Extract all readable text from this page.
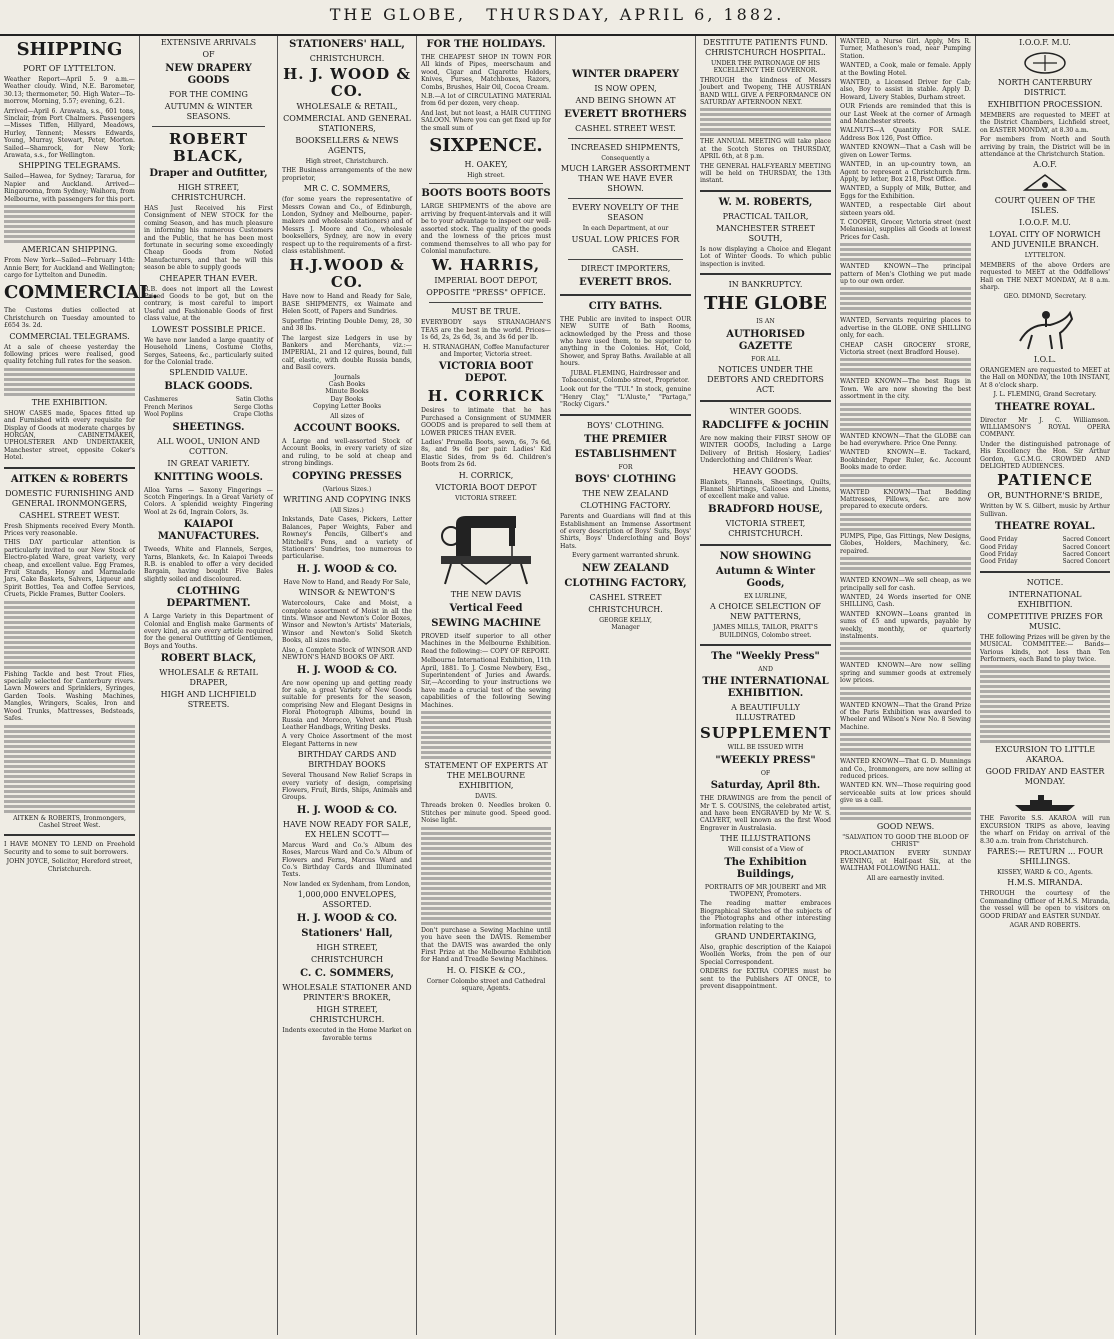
THE GLOBE, THURSDAY, APRIL 6, 1882.
SHIPPING
PORT OF LYTTELTON.

Weather Report—April 5. 9 a.m.—Weather cloudy. Wind, N.E. Barometer, 30.13; thermometer, 50. High Water—To-morrow, Morning, 5.57; evening, 6.21.

Arrived—April 6. Arawata, s.s., 601 tons, Sinclair, from Port Chalmers. Passengers—Misses Tiffen, Hillyard, Meadows, Hurley, Tennent; Messrs Edwards, Young, Murray, Stewart, Peter, Morton. Sailed—Shamrock, for New York; Arawata, s.s., for Wellington.

SHIPPING TELEGRAMS.

Sailed—Hawea, for Sydney; Tararua, for Napier and Auckland. Arrived—Ringarooma, from Sydney; Waihora, from Melbourne, with passengers for this port.

AMERICAN SHIPPING.

From New York—Sailed—February 14th: Annie Berr, for Auckland and Wellington; cargo for Lyttelton and Dunedin.

COMMERCIAL.

The Customs duties collected at Christchurch on Tuesday amounted to £654 3s. 2d.

COMMERCIAL TELEGRAMS.

At a sale of cheese yesterday the following prices were realised, good quality fetching full rates for the season.

THE EXHIBITION.

SHOW CASES made, Spaces fitted up and Furnished with every requisite for Display of Goods at moderate charges by HORGAN, CABINETMAKER, UPHOLSTERER AND UNDERTAKER, Manchester street, opposite Coker's Hotel.

AITKEN & ROBERTS
DOMESTIC FURNISHING AND GENERAL IRONMONGERS,
CASHEL STREET WEST.

Fresh Shipments received Every Month. Prices very reasonable.

THIS DAY particular attention is particularly invited to our New Stock of Electro-plated Ware, great variety, very cheap, and excellent value. Egg Frames, Fruit Stands, Honey and Marmalade Jars, Cake Baskets, Salvers, Liqueur and Spirit Bottles, Tea and Coffee Services, Cruets, Pickle Frames, Butter Coolers.

Fishing Tackle and best Trout Flies, specially selected for Canterbury rivers. Lawn Mowers and Sprinklers, Syringes, Garden Tools. Washing Machines, Mangles, Wringers, Scales, Iron and Wood Trunks, Mattresses, Bedsteads, Safes.

AITKEN & ROBERTS, Ironmongers, Cashel Street West.

I HAVE MONEY TO LEND on Freehold Security and to some to suit borrowers.

JOHN JOYCE, Solicitor, Hereford street, Christchurch.

EXTENSIVE ARRIVALS
OF
NEW DRAPERY GOODS
FOR THE COMING
AUTUMN & WINTER SEASONS.
ROBERT BLACK,
Draper and Outfitter,
HIGH STREET, CHRISTCHURCH.

HAS Just Received his First Consignment of NEW STOCK for the coming Season, and has much pleasure in informing his numerous Customers and the Public, that he has been most fortunate in securing some exceedingly Cheap Goods from Noted Manufacturers, and that he will this season be able to supply goods

CHEAPER THAN EVER.

R.B. does not import all the Lowest Priced Goods to be got, but on the contrary, is most careful to import Useful and Fashionable Goods of first class value, at the

LOWEST POSSIBLE PRICE.

We have now landed a large quantity of Household Linens, Costume Cloths, Serges, Sateens, &c., particularly suited for the Colonial trade.

SPLENDID VALUE.
BLACK GOODS.
Cashmeres	Satin Cloths
French Merinos	Serge Cloths
Wool Poplins	Crape Cloths
SHEETINGS.
ALL WOOL, UNION AND COTTON.
IN GREAT VARIETY.
KNITTING WOOLS.

Alloa Yarns — Saxony Fingerings — Scotch Fingerings. In a Great Variety of Colors. A splendid weighty Fingering Wool at 2s 6d, Ingrain Colors, 3s.

KAIAPOI MANUFACTURES.

Tweeds, White and Flannels, Serges, Yarns, Blankets, &c. In Kaiapoi Tweeds R.B. is enabled to offer a very decided Bargain, having bought Five Bales slightly soiled and discoloured.

CLOTHING DEPARTMENT.

A Large Variety in this Department of Colonial and English make Garments of every kind, as are every article required for the general Outfitting of Gentlemen, Boys and Youths.

ROBERT BLACK,
WHOLESALE & RETAIL DRAPER,
HIGH AND LICHFIELD STREETS.
STATIONERS' HALL,
CHRISTCHURCH.
H. J. WOOD & CO.
WHOLESALE & RETAIL,
COMMERCIAL AND GENERAL STATIONERS,
BOOKSELLERS & NEWS AGENTS,
High street, Christchurch.

THE Business arrangements of the new proprietor,

MR C. C. SOMMERS,

(for some years the representative of Messrs Cowan and Co., of Edinburgh, London, Sydney and Melbourne, paper-makers and wholesale stationers) and of Messrs J. Moore and Co., wholesale booksellers, Sydney, are now in every respect up to the requirements of a first-class establishment.

H.J.WOOD & CO.

Have now to Hand and Ready for Sale, BASE SHIPMENTS, ex Waimate and Helen Scott, of Papers and Sundries.

Superfine Printing Double Demy, 28, 30 and 38 lbs.

The largest size Ledgers in use by Bankers and Merchants, viz.:— IMPERIAL, 21 and 12 quires, bound, full calf, elastic, with double Russia bands, and Basil covers.

Journals
Cash Books
Minute Books
Day Books
Copying Letter Books

All sizes of
ACCOUNT BOOKS.

A Large and well-assorted Stock of Account Books, in every variety of size and ruling, to be sold at cheap and strong bindings.

COPYING PRESSES
(Various Sizes.)
WRITING AND COPYING INKS
(All Sizes.)

Inkstands, Date Cases, Pickers, Letter Balances, Paper Weights, Faber and Rowney's Pencils, Gilbert's and Mitchell's Pens, and a variety of Stationers' Sundries, too numerous to particularise.

H. J. WOOD & CO.

Have Now to Hand, and Ready For Sale,

WINSOR & NEWTON'S

Watercolours, Cake and Moist, a complete assortment of Moist in all the tints. Winsor and Newton's Color Boxes, Winsor and Newton's Artists' Materials, Winsor and Newton's Solid Sketch Books, all sizes made.

Also, a Complete Stock of WINSOR AND NEWTON'S HAND BOOKS OF ART.

H. J. WOOD & CO.

Are now opening up and getting ready for sale, a great Variety of New Goods suitable for presents for the season, comprising New and Elegant Designs in Floral Photograph Albums, bound in Russia and Morocco, Velvet and Plush Leather Handbags, Writing Desks.

A very Choice Assortment of the most Elegant Patterns in new

BIRTHDAY CARDS AND BIRTHDAY BOOKS

Several Thousand New Relief Scraps in every variety of design, comprising Flowers, Fruit, Birds, Ships, Animals and Groups.

H. J. WOOD & CO.
HAVE NOW READY FOR SALE, EX HELEN SCOTT—

Marcus Ward and Co.'s Album des Roses, Marcus Ward and Co.'s Album of Flowers and Ferns, Marcus Ward and Co.'s Birthday Cards and Illuminated Texts.

Now landed ex Sydenham, from London,

1,000,000 ENVELOPES, ASSORTED.
H. J. WOOD & CO.
Stationers' Hall,
HIGH STREET,
CHRISTCHURCH
C. C. SOMMERS,
WHOLESALE STATIONER AND PRINTER'S BROKER,
HIGH STREET, CHRISTCHURCH.

Indents executed in the Home Market on favorable terms

FOR THE HOLIDAYS.

THE CHEAPEST SHOP IN TOWN FOR All kinds of Pipes, meerschaum and wood, Cigar and Cigarette Holders, Knives, Purses, Matchboxes, Razors, Combs, Brushes, Hair Oil, Cocoa Cream.

N.B.—A lot of CIRCULATING MATERIAL from 6d per dozen, very cheap.

And last, but not least, a HAIR CUTTING SALOON. Where you can get fixed up for the small sum of

SIXPENCE.
H. OAKEY,
High street.
BOOTS BOOTS BOOTS

LARGE SHIPMENTS of the above are arriving by frequent-intervals and it will be to your advantage to inspect our well-assorted stock. The quality of the goods and the lowness of the prices must commend themselves to all who pay for Colonial manufacture.

W. HARRIS,
IMPERIAL BOOT DEPOT,
OPPOSITE "PRESS" OFFICE.
MUST BE TRUE.

EVERYBODY says STRANAGHAN'S TEAS are the best in the world. Prices—1s 6d, 2s, 2s 6d, 3s, and 3s 6d per lb.

H. STRANAGHAN, Coffee Manufacturer and Importer, Victoria street.

VICTORIA BOOT DEPOT.
H. CORRICK

Desires to intimate that he has Purchased a Consignment of SUMMER GOODS and is prepared to sell them at LOWER PRICES THAN EVER.

Ladies' Prunella Boots, sewn, 6s, 7s 6d, 8s, and 9s 6d per pair. Ladies' Kid Elastic Sides, from 9s 6d. Children's Boots from 2s 6d.

H. CORRICK,
VICTORIA BOOT DEPOT
VICTORIA STREET.
THE NEW DAVIS
Vertical Feed
SEWING MACHINE

PROVED itself superior to all other Machines in the Melbourne Exhibition. Read the following:— COPY OF REPORT.

Melbourne International Exhibition, 11th April, 1881. To J. Cosme Newbery, Esq., Superintendent of Juries and Awards. Sir,—According to your instructions we have made a crucial test of the sewing capabilities of the following Sewing Machines.

STATEMENT OF EXPERTS AT THE MELBOURNE EXHIBITION,
DAVIS.

Threads broken 0. Needles broken 0. Stitches per minute good. Speed good. Noise light.

Don't purchase a Sewing Machine until you have seen the DAVIS. Remember that the DAVIS was awarded the only First Prize at the Melbourne Exhibition for Hand and Treadle Sewing Machines.

H. O. FISKE & CO.,
Corner Colombo street and Cathedral square, Agents.
WINTER DRAPERY
IS NOW OPEN,
AND BEING SHOWN AT
EVERETT BROTHERS
CASHEL STREET WEST.
INCREASED SHIPMENTS,
Consequently a
MUCH LARGER ASSORTMENT THAN WE HAVE EVER SHOWN.
EVERY NOVELTY OF THE SEASON
In each Department, at our
USUAL LOW PRICES FOR CASH.
DIRECT IMPORTERS,
EVERETT BROS.
CITY BATHS.

THE Public are invited to inspect OUR NEW SUITE of Bath Rooms, acknowledged by the Press and those who have used them, to be superior to anything in the Colonies. Hot, Cold, Shower, and Spray Baths. Available at all hours.

JUBAL FLEMING, Hairdresser and Tobacconist, Colombo street, Proprietor.

Look out for the "TUI." In stock, genuine "Henry Clay," "L'Aluste," "Partaga," "Rocky Cigars."

BOYS' CLOTHING.
THE PREMIER
ESTABLISHMENT
FOR
BOYS' CLOTHING
THE NEW ZEALAND
CLOTHING FACTORY.

Parents and Guardians will find at this Establishment an Immense Assortment of every description of Boys' Suits, Boys' Shirts, Boys' Underclothing and Boys' Hats.

Every garment warranted shrunk.

NEW ZEALAND
CLOTHING FACTORY,
CASHEL STREET
CHRISTCHURCH.
GEORGE KELLY,
Manager
DESTITUTE PATIENTS FUND. CHRISTCHURCH HOSPITAL.

UNDER THE PATRONAGE OF HIS EXCELLENCY THE GOVERNOR.

THROUGH the kindness of Messrs Joubert and Twopeny, THE AUSTRIAN BAND WILL GIVE A PERFORMANCE ON SATURDAY AFTERNOON NEXT.

THE ANNUAL MEETING will take place at the Scotch Stores on THURSDAY, APRIL 6th, at 8 p.m.

THE GENERAL HALF-YEARLY MEETING will be held on THURSDAY, the 13th instant.

W. M. ROBERTS,
PRACTICAL TAILOR,
MANCHESTER STREET SOUTH,

Is now displaying a Choice and Elegant Lot of Winter Goods. To which public inspection is invited.

IN BANKRUPTCY.
THE GLOBE
IS AN
AUTHORISED GAZETTE
FOR ALL
NOTICES UNDER THE DEBTORS AND CREDITORS ACT.
WINTER GOODS.
RADCLIFFE & JOCHIN

Are now making their FIRST SHOW OF WINTER GOODS, Including a Large Delivery of British Hosiery, Ladies' Underclothing and Children's Wear.

HEAVY GOODS.

Blankets, Flannels, Sheetings, Quilts, Flannel Shirtings, Calicoes and Linens, of excellent make and value.

BRADFORD HOUSE,
VICTORIA STREET, CHRISTCHURCH.
NOW SHOWING
Autumn & Winter Goods,
EX LURLINE,
A CHOICE SELECTION OF NEW PATTERNS,

JAMES MILLS, TAILOR, PRATT'S BUILDINGS, Colombo street.

The "Weekly Press"
AND
THE INTERNATIONAL EXHIBITION.
A BEAUTIFULLY ILLUSTRATED
SUPPLEMENT
WILL BE ISSUED WITH
"WEEKLY PRESS"
OF
Saturday, April 8th.

THE DRAWINGS are from the pencil of Mr T. S. COUSINS, the celebrated artist, and have been ENGRAVED by Mr W. S. CALVERT, well known as the first Wood Engraver in Australasia.

THE ILLUSTRATIONS
Will consist of a View of
The Exhibition Buildings,

PORTRAITS OF MR JOUBERT and MR TWOPENY, Promoters.

The reading matter embraces Biographical Sketches of the subjects of the Photographs and other interesting information relating to the

GRAND UNDERTAKING,

Also, graphic description of the Kaiapoi Woollen Works, from the pen of our Special Correspondent.

ORDERS for EXTRA COPIES must be sent to the Publishers AT ONCE, to prevent disappointment.

WANTED, a Nurse Girl. Apply, Mrs R. Turner, Matheson's road, near Pumping Station.

WANTED, a Cook, male or female. Apply at the Bowling Hotel.

WANTED, a Licensed Driver for Cab; also, Boy to assist in stable. Apply D. Howard, Livery Stables, Durham street.

OUR Friends are reminded that this is our Last Week at the corner of Armagh and Manchester streets.

WALNUTS—A Quantity FOR SALE. Address Box 126, Post Office.

WANTED KNOWN—That a Cash will be given on Lower Terms.

WANTED, in an up-country town, an Agent to represent a Christchurch firm. Apply, by letter, Box 218, Post Office.

WANTED, a Supply of Milk, Butter, and Eggs for the Exhibition.

WANTED, a respectable Girl about sixteen years old.

T. COOPER, Grocer, Victoria street (next Melanesia), supplies all Goods at lowest Prices for Cash.

WANTED KNOWN—The principal pattern of Men's Clothing we put made up to our own order.

WANTED, Servants requiring places to advertise in the GLOBE. ONE SHILLING only, for each.

CHEAP CASH GROCERY STORE, Victoria street (next Bradford House).

WANTED KNOWN—The best Rugs in Town. We are now showing the best assortment in the city.

WANTED KNOWN—That the GLOBE can be had everywhere. Price One Penny.

WANTED KNOWN—E. Tackard, Bookbinder, Paper Ruler, &c. Account Books made to order.

WANTED KNOWN—That Bedding Mattresses, Pillows, &c. are now prepared to execute orders.

PUMPS, Pipe, Gas Fittings, New Designs, Globes, Holders, Machinery, &c. repaired.

WANTED KNOWN—We sell cheap, as we principally sell for cash.

WANTED, 24 Words inserted for ONE SHILLING, Cash.

WANTED KNOWN—Loans granted in sums of £5 and upwards, payable by weekly, monthly, or quarterly instalments.

WANTED KNOWN—Are now selling spring and summer goods at extremely low prices.

WANTED KNOWN—That the Grand Prize of the Paris Exhibition was awarded to Wheeler and Wilson's New No. 8 Sewing Machine.

WANTED KNOWN—That G. D. Munnings and Co., Ironmongers, are now selling at reduced prices.

WANTED KN. WN—Those requiring good serviceable suits at low prices should give us a call.

GOOD NEWS.

"SALVATION TO GOOD THE BLOOD OF CHRIST"

PROCLAMATION EVERY SUNDAY EVENING, at Half-past Six, at the WALTHAM FOLLOWING HALL.

All are earnestly invited.

I.O.O.F. M.U.
NORTH CANTERBURY DISTRICT.
EXHIBITION PROCESSION.

MEMBERS are requested to MEET at the District Chambers, Lichfield street, on EASTER MONDAY, at 8.30 a.m.

For members from North and South arriving by train, the District will be in attendance at the Christchurch Station.

A.O.F.
COURT QUEEN OF THE ISLES.
I.O.O.F. M.U.
LOYAL CITY OF NORWICH AND JUVENILE BRANCH.
LYTTELTON.

MEMBERS of the above Orders are requested to MEET at the Oddfellows' Hall on THE NEXT MONDAY, At 8 a.m. sharp.

GEO. DIMOND, Secretary.

I.O.L.

ORANGEMEN are requested to MEET at the Hall on MONDAY, the 10th INSTANT, At 8 o'clock sharp.

J. L. FLEMING, Grand Secretary.

THEATRE ROYAL.

Director Mr J. C. Williamson. WILLIAMSON'S ROYAL OPERA COMPANY.

Under the distinguished patronage of His Excellency the Hon. Sir Arthur Gordon, G.C.M.G. CROWDED AND DELIGHTED AUDIENCES.

PATIENCE
OR, BUNTHORNE'S BRIDE,

Written by W. S. Gilbert, music by Arthur Sullivan.

THEATRE ROYAL.
Good Friday	Sacred Concert
Good Friday	Sacred Concert
Good Friday	Sacred Concert
Good Friday	Sacred Concert
NOTICE.
INTERNATIONAL EXHIBITION.
COMPETITIVE PRIZES FOR MUSIC.

THE following Prizes will be given by the MUSICAL COMMITTEE:— Bands—Various kinds, not less than Ten Performers, each Band to play twice.

EXCURSION TO LITTLE AKAROA.
GOOD FRIDAY AND EASTER MONDAY.

THE Favorite S.S. AKAROA will run EXCURSION TRIPS as above, leaving the wharf on Friday on arrival of the 8.30 a.m. train from Christchurch.

FARES:— RETURN ... FOUR SHILLINGS.
KISSEY, WARD & CO., Agents.
H.M.S. MIRANDA.

THROUGH the courtesy of the Commanding Officer of H.M.S. Miranda, the vessel will be open to visitors on GOOD FRIDAY and EASTER SUNDAY.

AGAR AND ROBERTS.
